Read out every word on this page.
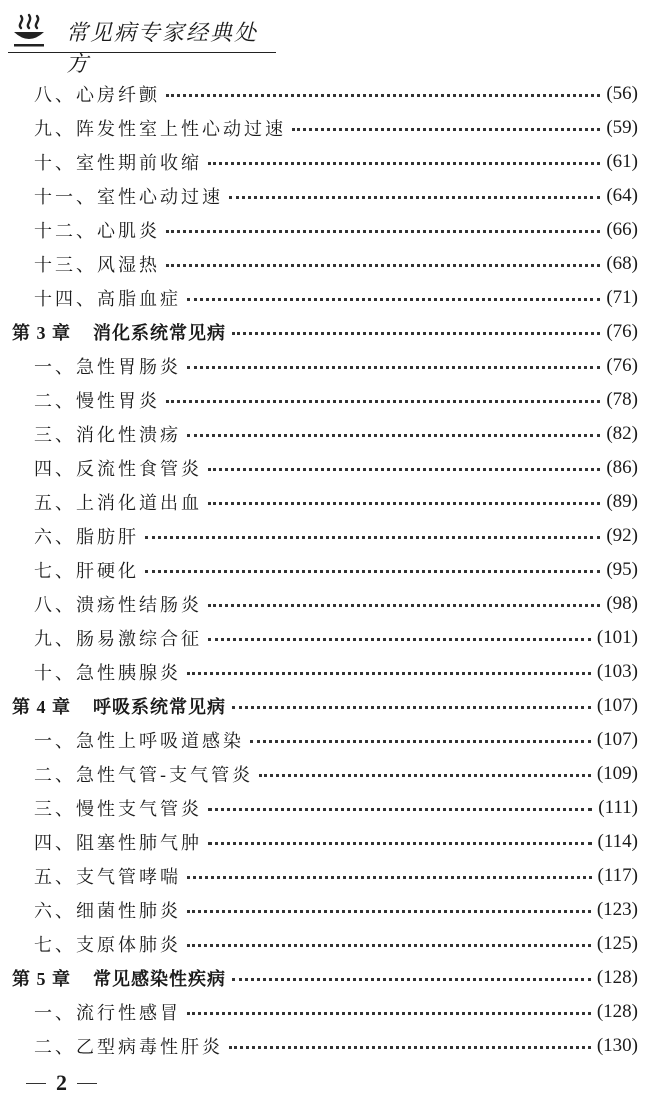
常见病专家经典处方
八、心房纤颤	(56)
九、阵发性室上性心动过速	(59)
十、室性期前收缩	(61)
十一、室性心动过速	(64)
十二、心肌炎	(66)
十三、风湿热	(68)
十四、高脂血症	(71)
第 3 章 消化系统常见病	(76)
一、急性胃肠炎	(76)
二、慢性胃炎	(78)
三、消化性溃疡	(82)
四、反流性食管炎	(86)
五、上消化道出血	(89)
六、脂肪肝	(92)
七、肝硬化	(95)
八、溃疡性结肠炎	(98)
九、肠易激综合征	(101)
十、急性胰腺炎	(103)
第 4 章 呼吸系统常见病	(107)
一、急性上呼吸道感染	(107)
二、急性气管-支气管炎	(109)
三、慢性支气管炎	(111)
四、阻塞性肺气肿	(114)
五、支气管哮喘	(117)
六、细菌性肺炎	(123)
七、支原体肺炎	(125)
第 5 章 常见感染性疾病	(128)
一、流行性感冒	(128)
二、乙型病毒性肝炎	(130)
2
